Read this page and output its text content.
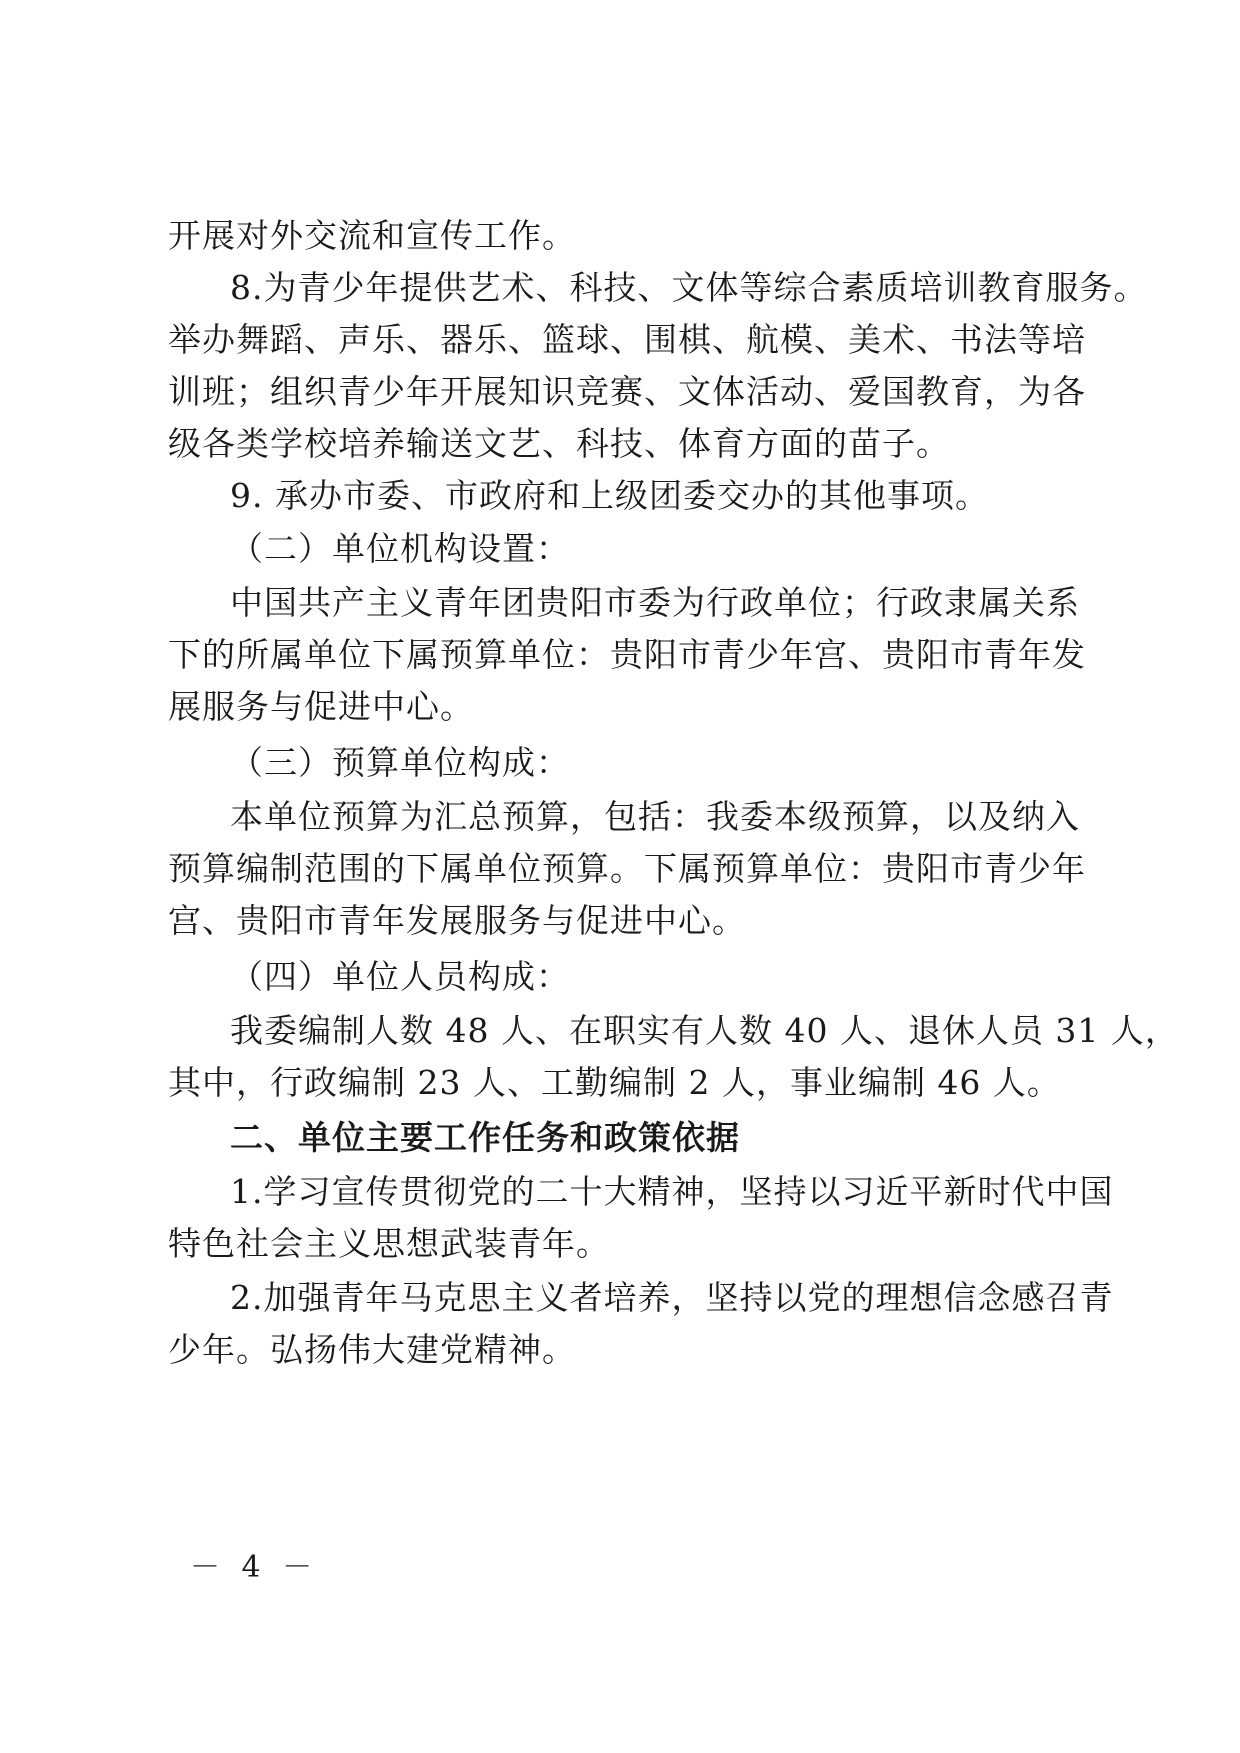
开展对外交流和宣传工作。
8.为青少年提供艺术、科技、文体等综合素质培训教育服务。
举办舞蹈、声乐、器乐、篮球、围棋、航模、美术、书法等培
训班；组织青少年开展知识竞赛、文体活动、爱国教育，为各
级各类学校培养输送文艺、科技、体育方面的苗子。
9. 承办市委、市政府和上级团委交办的其他事项。
（二）单位机构设置：
中国共产主义青年团贵阳市委为行政单位；行政隶属关系
下的所属单位下属预算单位：贵阳市青少年宫、贵阳市青年发
展服务与促进中心。
（三）预算单位构成：
本单位预算为汇总预算，包括：我委本级预算，以及纳入
预算编制范围的下属单位预算。下属预算单位：贵阳市青少年
宫、贵阳市青年发展服务与促进中心。
（四）单位人员构成：
我委编制人数 48 人、在职实有人数 40 人、退休人员 31 人，
其中，行政编制 23 人、工勤编制 2 人，事业编制 46 人。
二、单位主要工作任务和政策依据
1.学习宣传贯彻党的二十大精神，坚持以习近平新时代中国
特色社会主义思想武装青年。
2.加强青年马克思主义者培养，坚持以党的理想信念感召青
少年。弘扬伟大建党精神。
－ 4 －
